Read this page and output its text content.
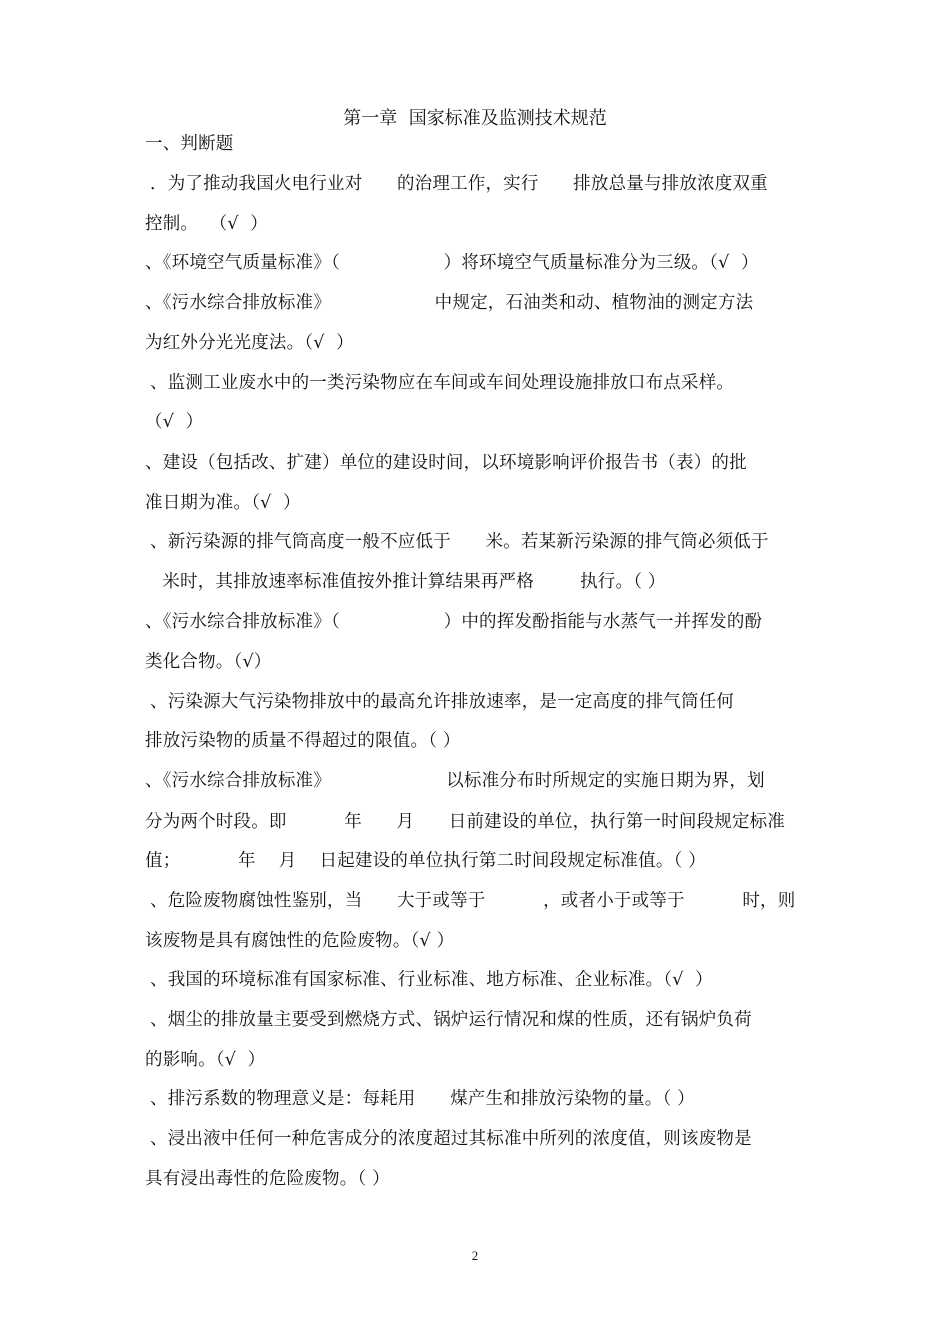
第一章  国家标准及监测技术规范
一、判断题
．为了推动我国火电行业对      的治理工作，实行      排放总量与排放浓度双重
控制。  （√  ）
、《环境空气质量标准》（                  ）将环境空气质量标准分为三级。（√  ）
、《污水综合排放标准》                  中规定，石油类和动、植物油的测定方法
为红外分光光度法。（√  ）
、监测工业废水中的一类污染物应在车间或车间处理设施排放口布点采样。
（√  ）
、建设（包括改、扩建）单位的建设时间，以环境影响评价报告书（表）的批
准日期为准。（√  ）
、新污染源的排气筒高度一般不应低于      米。若某新污染源的排气筒必须低于
米时，其排放速率标准值按外推计算结果再严格        执行。（ ）
、《污水综合排放标准》（                  ）中的挥发酚指能与水蒸气一并挥发的酚
类化合物。（√）
、污染源大气污染物排放中的最高允许排放速率，是一定高度的排气筒任何
排放污染物的质量不得超过的限值。（ ）
、《污水综合排放标准》                    以标准分布时所规定的实施日期为界，划
分为两个时段。即          年      月      日前建设的单位，执行第一时间段规定标准
值；          年    月    日起建设的单位执行第二时间段规定标准值。（ ）
、危险废物腐蚀性鉴别，当      大于或等于          ，或者小于或等于          时，则
该废物是具有腐蚀性的危险废物。（√ ）
、我国的环境标准有国家标准、行业标准、地方标准、企业标准。（√  ）
、烟尘的排放量主要受到燃烧方式、锅炉运行情况和煤的性质，还有锅炉负荷
的影响。（√  ）
、排污系数的物理意义是：每耗用      煤产生和排放污染物的量。（ ）
、浸出液中任何一种危害成分的浓度超过其标准中所列的浓度值，则该废物是
具有浸出毒性的危险废物。（ ）
2
